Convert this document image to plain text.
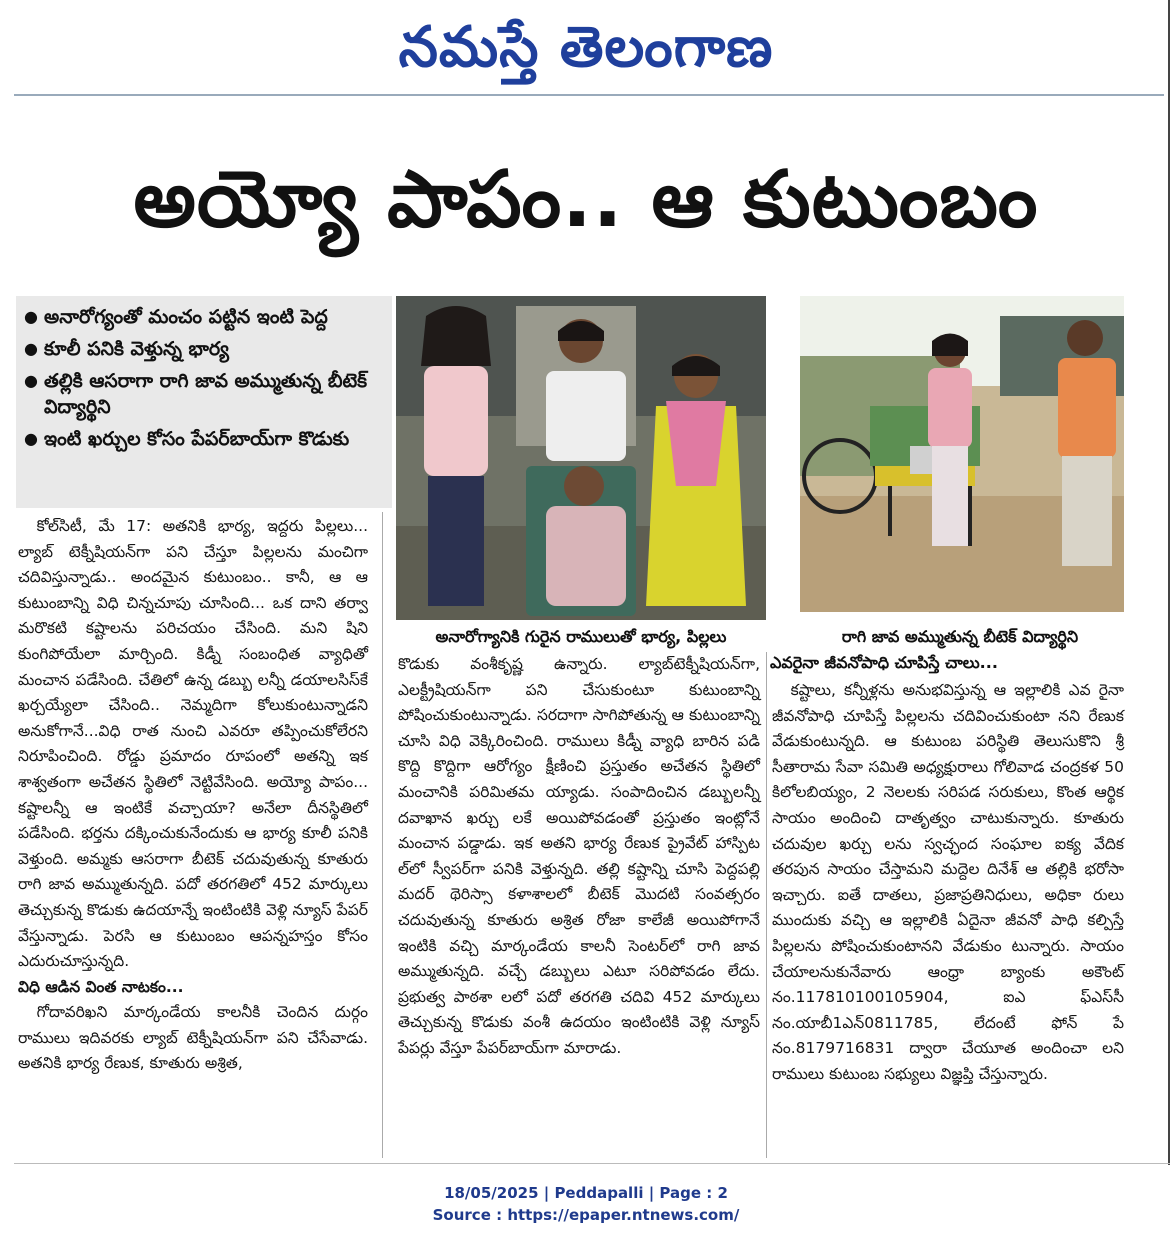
నమస్తే తెలంగాణ
అయ్యో పాపం.. ఆ కుటుంబం
● అనారోగ్యంతో మంచం పట్టిన ఇంటి పెద్ద
● కూలీ పనికి వెళ్తున్న భార్య
● తల్లికి ఆసరాగా రాగి జావ అమ్ముతున్న బీటెక్ విద్యార్థిని
● ఇంటి ఖర్చుల కోసం పేపర్‌బాయ్‌గా కొడుకు
అనారోగ్యానికి గురైన రాములుతో భార్య, పిల్లలు	రాగి జావ అమ్ముతున్న బీటెక్ విద్యార్థిని

కోల్‌సిటీ, మే 17: అతనికి భార్య, ఇద్దరు పిల్లలు... ల్యాబ్ టెక్నీషియన్‌గా పని చేస్తూ పిల్లలను మంచిగా చదివిస్తున్నాడు.. అందమైన కుటుంబం.. కానీ, ఆ ఆ కుటుంబాన్ని విధి చిన్నచూపు చూసింది... ఒక దాని తర్వా మరొకటి కష్టాలను పరిచయం చేసింది. మని షిని కుంగిపోయేలా మార్చింది. కిడ్నీ సంబంధిత వ్యాధితో మంచాన పడేసింది. చేతిలో ఉన్న డబ్బు లన్నీ డయాలసిస్‌కే ఖర్చయ్యేలా చేసింది.. నెమ్మదిగా కోలుకుంటున్నాడని అనుకోగానే...విధి రాత నుంచి ఎవరూ తప్పించుకోలేరని నిరూపించింది. రోడ్డు ప్రమాదం రూపంలో అతన్ని ఇక శాశ్వతంగా అచేతన స్థితిలో నెట్టివేసింది. అయ్యో పాపం... కష్టాలన్నీ ఆ ఇంటికే వచ్చాయా? అనేలా దీనస్థితిలో పడేసింది. భర్తను దక్కించుకునేందుకు ఆ భార్య కూలీ పనికి వెళ్తుంది. అమ్మకు ఆసరాగా బీటెక్ చదువుతున్న కూతురు రాగి జావ అమ్ముతున్నది. పదో తరగతిలో 452 మార్కులు తెచ్చుకున్న కొడుకు ఉదయాన్నే ఇంటింటికి వెళ్లి న్యూస్ పేపర్ వేస్తున్నాడు. పెరసి ఆ కుటుంబం ఆపన్నహస్తం కోసం ఎదురుచూస్తున్నది.

విధి ఆడిన వింత నాటకం...

గోదావరిఖని మార్కండేయ కాలనీకి చెందిన దుర్గం రాములు ఇదివరకు ల్యాబ్ టెక్నీషియన్‌గా పని చేసేవాడు. అతనికి భార్య రేణుక, కూతురు అశ్రిత,

కొడుకు వంశీకృష్ణ ఉన్నారు. ల్యాబ్‌టెక్నీషియన్‌గా, ఎలక్ట్రీషియన్‌గా పని చేసుకుంటూ కుటుంబాన్ని పోషించుకుంటున్నాడు. సరదాగా సాగిపోతున్న ఆ కుటుంబాన్ని చూసి విధి వెక్కిరించింది. రాములు కిడ్నీ వ్యాధి బారిన పడి కొద్ది కొద్దిగా ఆరోగ్యం క్షీణించి ప్రస్తుతం అచేతన స్థితిలో మంచానికి పరిమితమ య్యాడు. సంపాదించిన డబ్బులన్నీ దవాఖాన ఖర్చు లకే అయిపోవడంతో ప్రస్తుతం ఇంట్లోనే మంచాన పడ్డాడు. ఇక అతని భార్య రేణుక ప్రైవేట్ హాస్పిట ల్‌లో స్వీపర్‌గా పనికి వెళ్తున్నది. తల్లి కష్టాన్ని చూసి పెద్దపల్లి మదర్ థెరిస్సా కళాశాలలో బీటెక్ మొదటి సంవత్సరం చదువుతున్న కూతురు అశ్రిత రోజా కాలేజీ అయిపోగానే ఇంటికి వచ్చి మార్కండేయ కాలనీ సెంటర్‌లో రాగి జావ అమ్ముతున్నది. వచ్చే డబ్బులు ఎటూ సరిపోవడం లేదు. ప్రభుత్వ పాఠశా లలో పదో తరగతి చదివి 452 మార్కులు తెచ్చుకున్న కొడుకు వంశీ ఉదయం ఇంటింటికి వెళ్లి న్యూస్ పేపర్లు వేస్తూ పేపర్‌బాయ్‌గా మారాడు.

ఎవరైనా జీవనోపాధి చూపిస్తే చాలు...

కష్టాలు, కన్నీళ్లను అనుభవిస్తున్న ఆ ఇల్లాలికి ఎవ రైనా జీవనోపాధి చూపిస్తే పిల్లలను చదివించుకుంటా నని రేణుక వేడుకుంటున్నది. ఆ కుటుంబ పరిస్థితి తెలుసుకొని శ్రీ సీతారామ సేవా సమితి అధ్యక్షురాలు గోలివాడ చంద్రకళ 50 కిలోలబియ్యం, 2 నెలలకు సరిపడ సరుకులు, కొంత ఆర్థిక సాయం అందించి దాతృత్వం చాటుకున్నారు. కూతురు చదువుల ఖర్చు లను స్వచ్ఛంద సంఘాల ఐక్య వేదిక తరపున సాయం చేస్తామని మద్దెల దినేశ్ ఆ తల్లికి భరోసా ఇచ్చారు. ఐతే దాతలు, ప్రజాప్రతినిధులు, అధికా రులు ముందుకు వచ్చి ఆ ఇల్లాలికి ఏదైనా జీవనో పాధి కల్పిస్తే పిల్లలను పోషించుకుంటానని వేడుకుం టున్నారు. సాయం చేయాలనుకునేవారు ఆంధ్రా బ్యాంకు అకౌంట్ నం.117810100105904, ఐఎ ఫ్‌ఎస్‌సీ నం.యాబీ1ఎన్0811785, లేదంటే ఫోన్ పే నం.8179716831 ద్వారా చేయూత అందించా లని రాములు కుటుంబ సభ్యులు విజ్ఞప్తి చేస్తున్నారు.

18/05/2025 | Peddapalli | Page : 2
Source : https://epaper.ntnews.com/
